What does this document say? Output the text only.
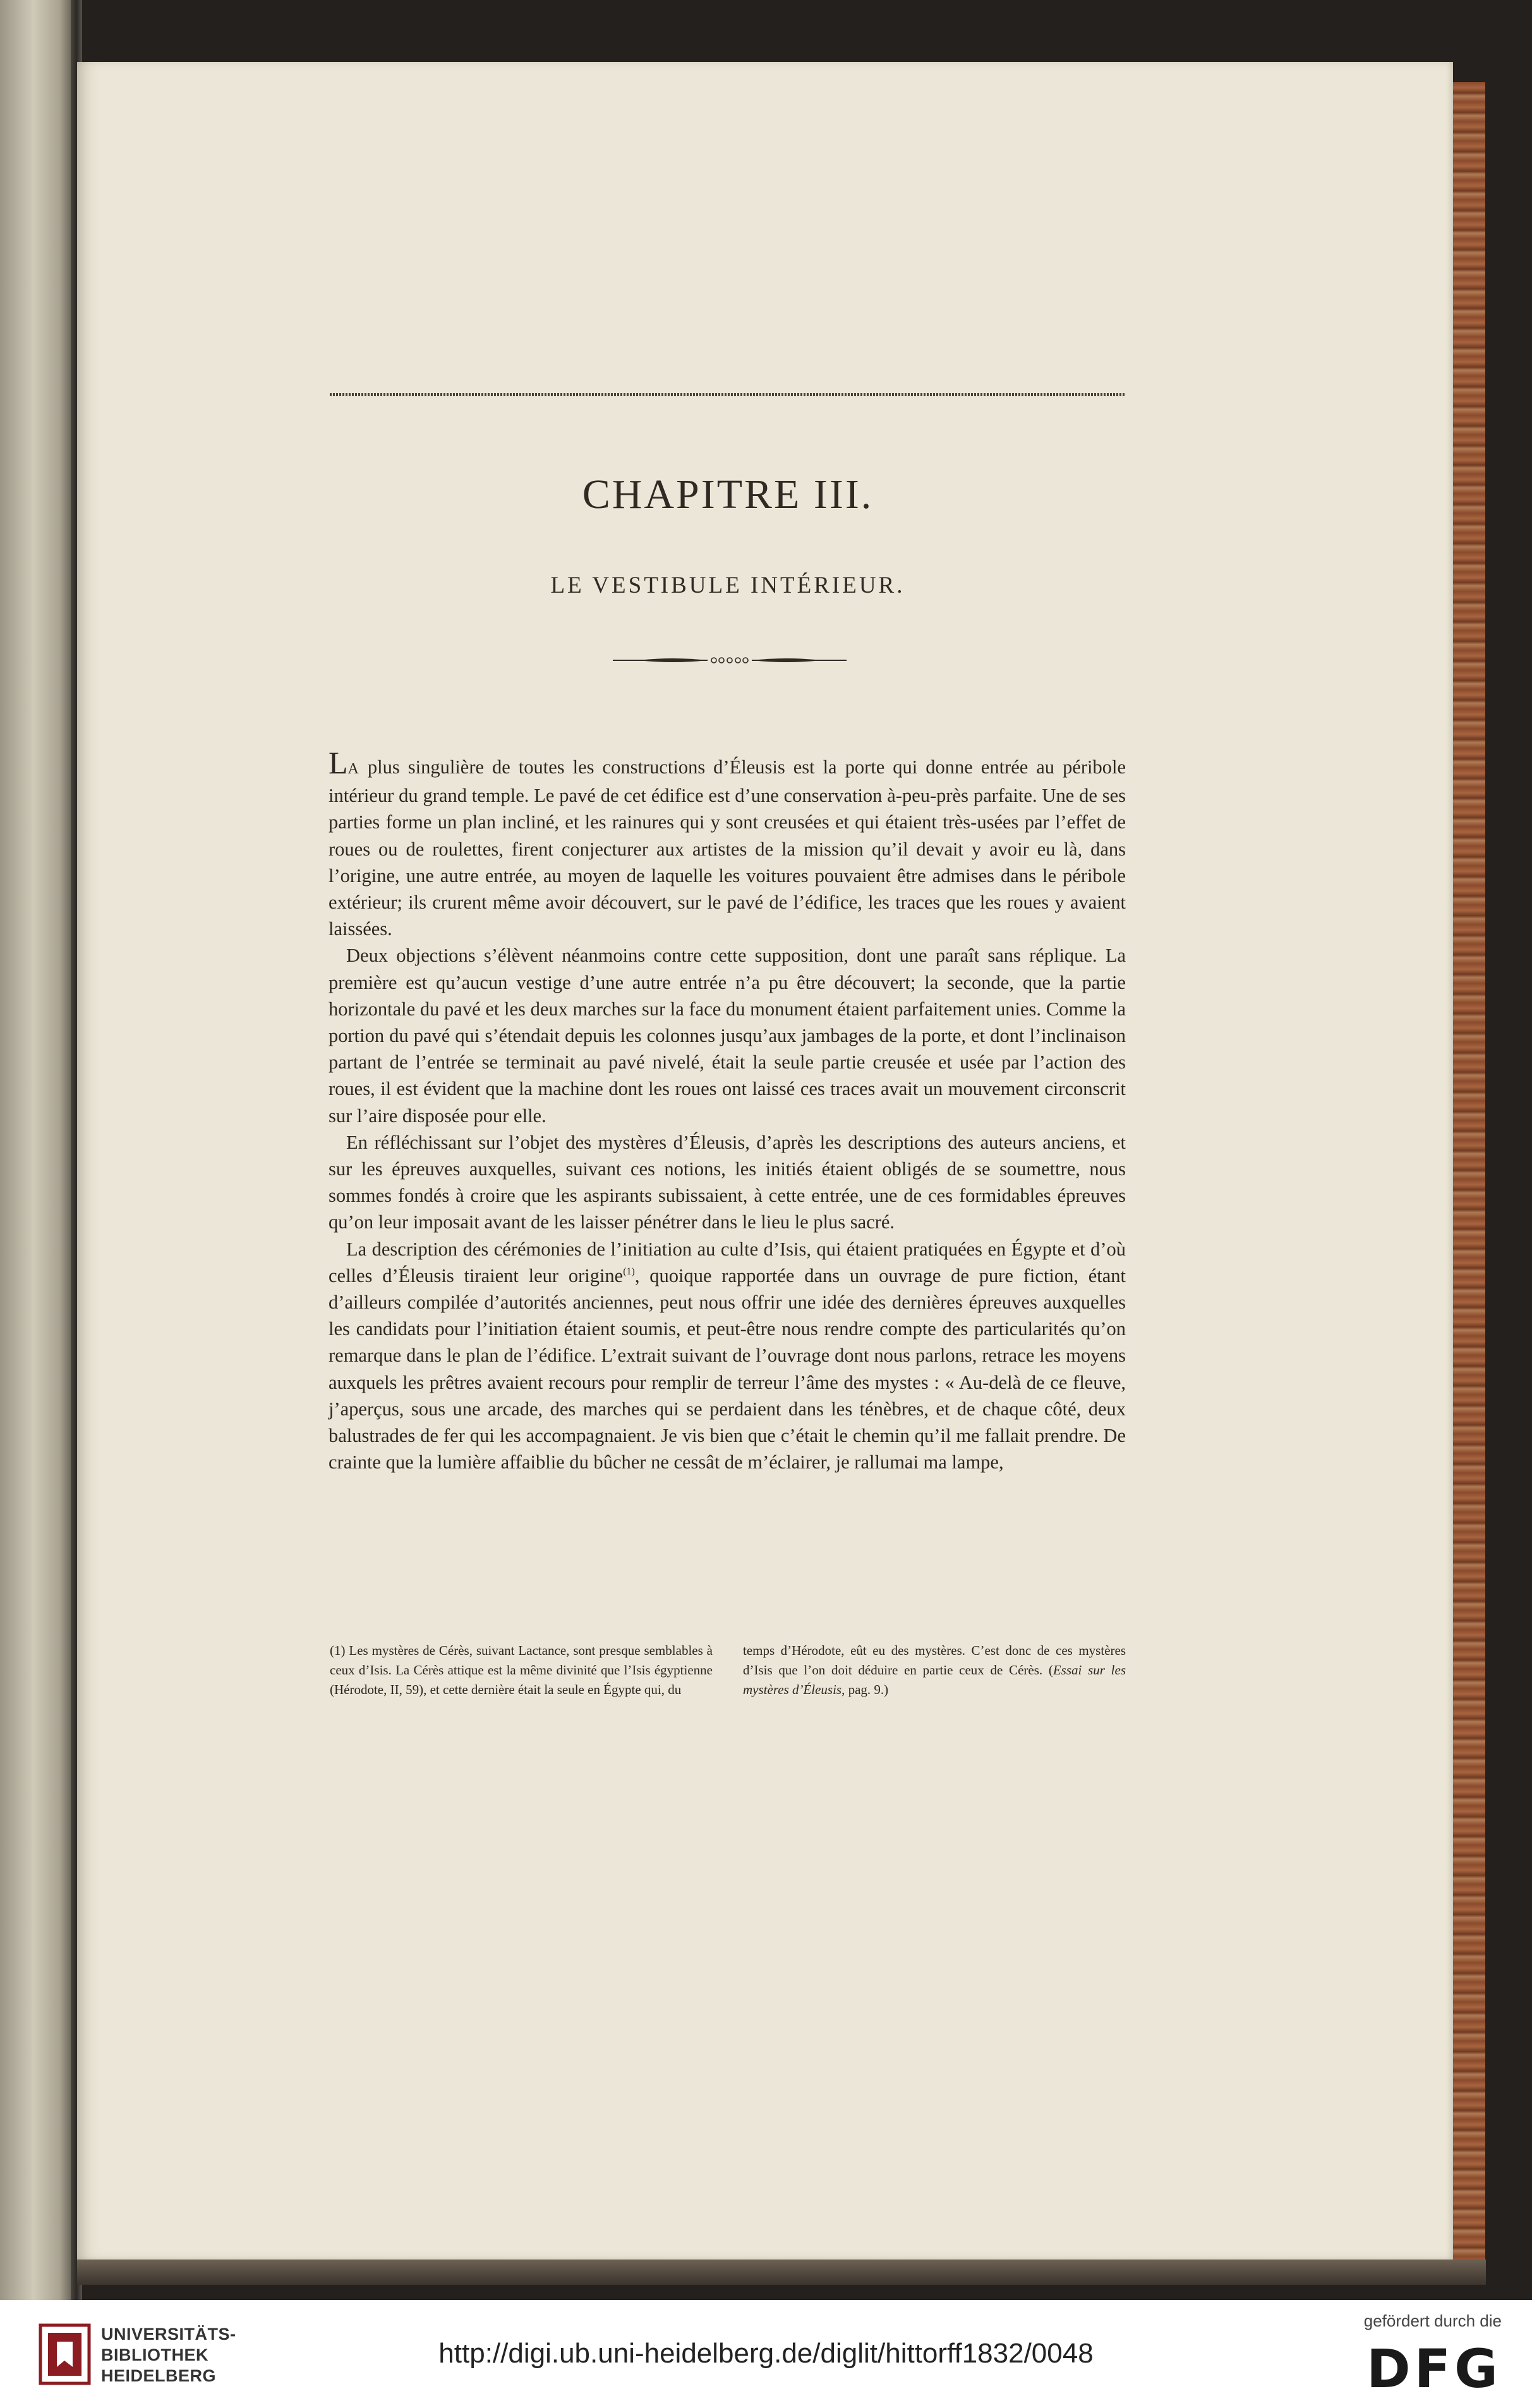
CHAPITRE III.
LE VESTIBULE INTÉRIEUR.

LA plus singulière de toutes les constructions d’Éleusis est la porte qui donne entrée au péribole intérieur du grand temple. Le pavé de cet édifice est d’une conservation à-peu-près parfaite. Une de ses parties forme un plan incliné, et les rainures qui y sont creusées et qui étaient très-usées par l’effet de roues ou de roulettes, firent conjecturer aux artistes de la mission qu’il devait y avoir eu là, dans l’origine, une autre entrée, au moyen de laquelle les voitures pouvaient être admises dans le péribole extérieur; ils crurent même avoir découvert, sur le pavé de l’édifice, les traces que les roues y avaient laissées.

Deux objections s’élèvent néanmoins contre cette supposition, dont une paraît sans réplique. La première est qu’aucun vestige d’une autre entrée n’a pu être découvert; la seconde, que la partie horizontale du pavé et les deux marches sur la face du monument étaient parfaitement unies. Comme la portion du pavé qui s’étendait depuis les colonnes jusqu’aux jambages de la porte, et dont l’inclinaison partant de l’entrée se terminait au pavé nivelé, était la seule partie creusée et usée par l’action des roues, il est évident que la machine dont les roues ont laissé ces traces avait un mouvement circonscrit sur l’aire disposée pour elle.

En réfléchissant sur l’objet des mystères d’Éleusis, d’après les descriptions des auteurs anciens, et sur les épreuves auxquelles, suivant ces notions, les initiés étaient obligés de se soumettre, nous sommes fondés à croire que les aspirants subissaient, à cette entrée, une de ces formidables épreuves qu’on leur imposait avant de les laisser pénétrer dans le lieu le plus sacré.

La description des cérémonies de l’initiation au culte d’Isis, qui étaient pratiquées en Égypte et d’où celles d’Éleusis tiraient leur origine$^{(1)}$, quoique rapportée dans un ouvrage de pure fiction, étant d’ailleurs compilée d’autorités anciennes, peut nous offrir une idée des dernières épreuves auxquelles les candidats pour l’initiation étaient soumis, et peut-être nous rendre compte des particularités qu’on remarque dans le plan de l’édifice. L’extrait suivant de l’ouvrage dont nous parlons, retrace les moyens auxquels les prêtres avaient recours pour remplir de terreur l’âme des mystes : « Au-delà de ce fleuve, j’aperçus, sous une arcade, des marches qui se perdaient dans les ténèbres, et de chaque côté, deux balustrades de fer qui les accompagnaient. Je vis bien que c’était le chemin qu’il me fallait prendre. De crainte que la lumière affaiblie du bûcher ne cessât de m’éclairer, je rallumai ma lampe,

(1) Les mystères de Cérès, suivant Lactance, sont presque semblables à ceux d’Isis. La Cérès attique est la même divinité que l’Isis égyptienne (Hérodote, II, 59), et cette dernière était la seule en Égypte qui, du

temps d’Hérodote, eût eu des mystères. C’est donc de ces mystères d’Isis que l’on doit déduire en partie ceux de Cérès. (Essai sur les mystères d’Éleusis, pag. 9.)

UNIVERSITÄTS-
BIBLIOTHEK
HEIDELBERG
http://digi.ub.uni-heidelberg.de/diglit/hittorff1832/0048
gefördert durch die
DFG
